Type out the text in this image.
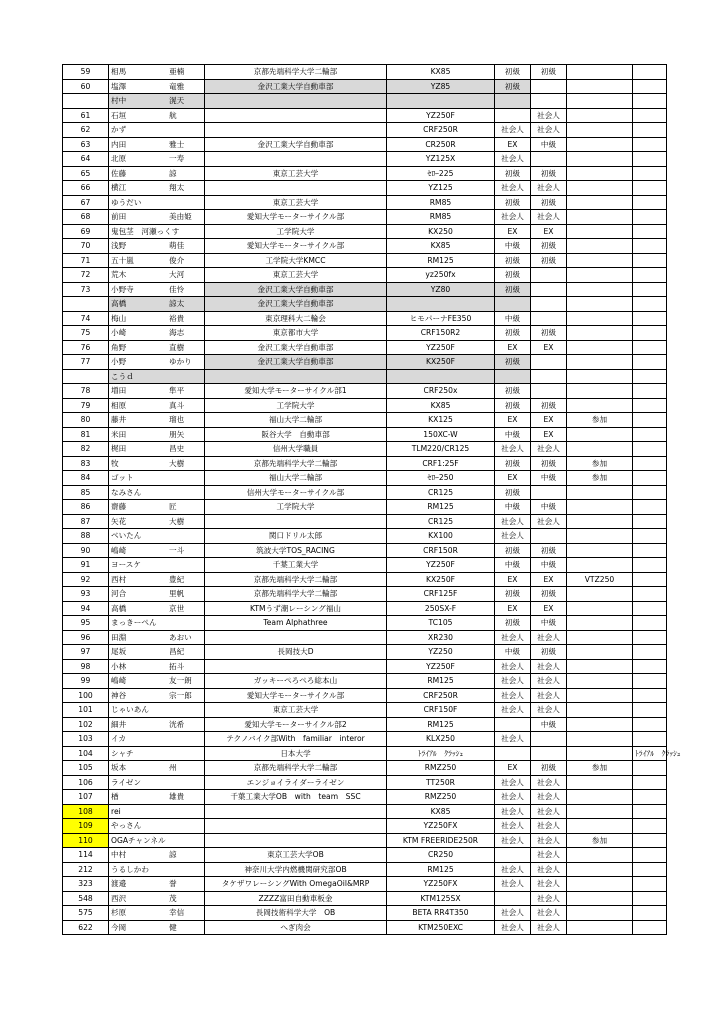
59	相馬 亜楠	京都先端科学大学二輪部	KX85	初級	初級		
60	塩澤 竜雅	金沢工業大学自動車部	YZ85	初級			
	村中 滉天						
61	石垣 航		YZ250F		社会人		
62	かず		CRF250R	社会人	社会人		
63	内田 雅士	金沢工業大学自動車部	CR250R	EX	中級		
64	北原 一寿		YZ125X	社会人			
65	佐藤 諒	東京工芸大学	ｾﾛｰ225	初級	初級		
66	横江 翔太		YZ125	社会人	社会人		
67	ゆうだい	東京工芸大学	RM85	初級	初級		
68	前田 美由姫	愛知大学モーターサイクル部	RM85	社会人	社会人		
69	鬼包茎　河瀬っくす	工学院大学	KX250	EX	EX		
70	浅野 萌佳	愛知大学モーターサイクル部	KX85	中級	初級		
71	五十嵐 俊介	工学院大学KMCC	RM125	初級	初級		
72	荒木 大河	東京工芸大学	yz250fx	初級			
73	小野寺 佳怜	金沢工業大学自動車部	YZ80	初級			
	高橋 諒太	金沢工業大学自動車部					
74	梅山 裕貴	東京理科大二輪会	ヒモパーナFE350	中級			
75	小崎 海志	東京都市大学	CRF150R2	初級	初級		
76	角野 直樹	金沢工業大学自動車部	YZ250F	EX	EX		
77	小野 ゆかり	金沢工業大学自動車部	KX250F	初級			
	こうｄ						
78	増田 隼平	愛知大学モーターサイクル部1	CRF250x	初級			
79	相原 真斗	工学院大学	KX85	初級	初級		
80	藤井 瑠也	福山大学二輪部	KX125	EX	EX	参加	
81	米田 朋矢	阪谷大学　自動車部	150XC-W	中級	EX		
82	梶田 昌史	信州大学職員	TLM220/CR125	社会人	社会人		
83	牧 大樹	京都先端科学大学二輪部	CRF1:25F	初級	初級	参加	
84	ゴット	福山大学二輪部	ｾﾛｰ250	EX	中級	参加	
85	なみさん	信州大学モーターサイクル部	CR125	初級			
86	齋藤 匠	工学院大学	RM125	中級	中級		
87	矢花 大樹		CR125	社会人	社会人		
88	べいたん	関口ドリル太郎	KX100	社会人			
90	嶋崎 一斗	筑波大学TOS_RACING	CRF150R	初級	初級		
91	ヨースケ	千葉工業大学	YZ250F	中級	中級		
92	西村 豊紀	京都先端科学大学二輪部	KX250F	EX	EX	VTZ250	
93	河合 里帆	京都先端科学大学二輪部	CRF125F	初級	初級		
94	高橋 京世	KTMうず潮レーシング福山	250SX-F	EX	EX		
95	まっきーぺん	Team Alphathree	TC105	初級	中級		
96	田淵 あおい		XR230	社会人	社会人		
97	尾坂 昌紀	長岡技大D	YZ250	中級	初級		
98	小林 拓斗		YZ250F	社会人	社会人		
99	嶋崎 友一朗	ガッキーぺろぺろ総本山	RM125	社会人	社会人		
100	神谷 宗一郎	愛知大学モーターサイクル部	CRF250R	社会人	社会人		
101	じゃいあん	東京工芸大学	CRF150F	社会人	社会人		
102	細井 洸希	愛知大学モーターサイクル部2	RM125		中級		
103	イカ	テクノバイク部With　familiar　interor	KLX250	社会人			
104	シャチ	日本大学	ﾄﾗｲｱﾙ　ｸﾗｯｼｭ				ﾄﾗｲｱﾙ　ｸﾗｯｼｭ
105	坂本 州	京都先端科学大学二輪部	RMZ250	EX	初級	参加	
106	ライゼン	エンジョイライダーライゼン	TT250R	社会人	社会人		
107	楢 雄貴	千葉工業大学OB　with　team　SSC	RMZ250	社会人	社会人		
108	rei		KX85	社会人	社会人		
109	やっさん		YZ250FX	社会人	社会人		
110	OGAチャンネル		KTM FREERIDE250R	社会人	社会人	参加	
114	中村 諒	東京工芸大学OB	CR250		社会人		
212	うるしかわ	神奈川大学内燃機関研究部OB	RM125	社会人	社会人		
323	渡邉 誉	タケザワレーシングWith OmegaOil&MRP	YZ250FX	社会人	社会人		
548	西沢 茂	ZZZZ富田自動車板金	KTM125SX		社会人		
575	杉原 幸信	長岡技術科学大学　OB	BETA RR4T350	社会人	社会人		
622	今岡 健	へぎ肉会	KTM250EXC	社会人	社会人		
